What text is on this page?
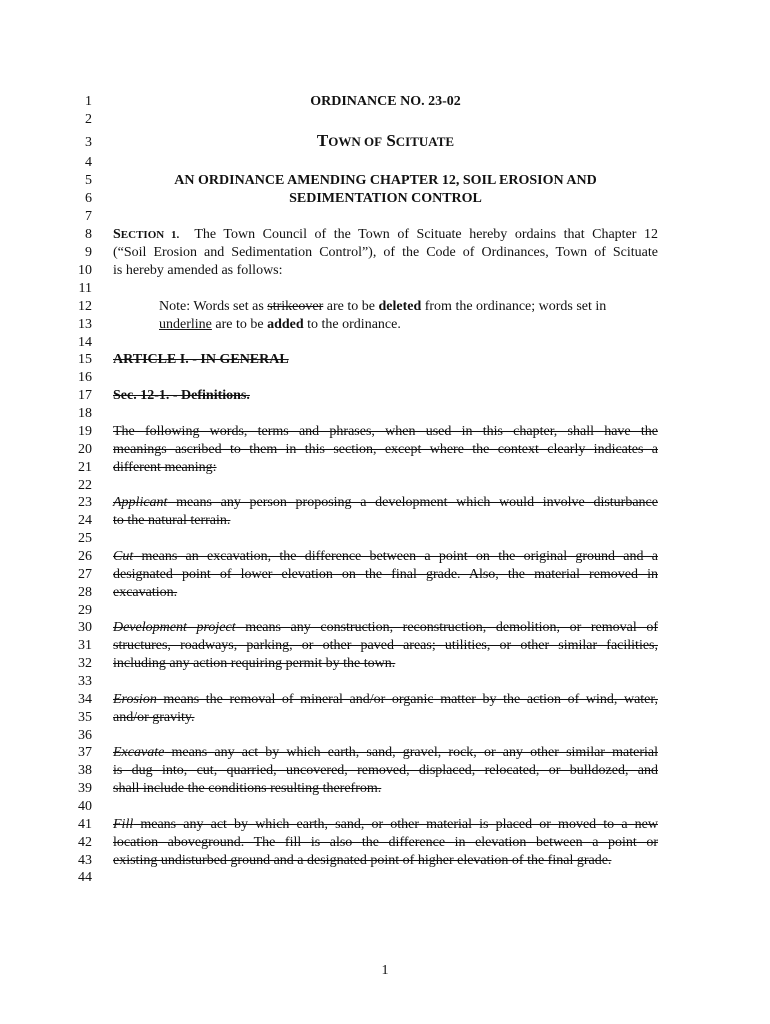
1
2
3
4
5
6
7
8
9
10
11
12
13
14
15
16
17
18
19
20
21
22
23
24
25
26
27
28
29
30
31
32
33
34
35
36
37
38
39
40
41
42
43
44
ORDINANCE NO. 23-02
TOWN OF SCITUATE
AN ORDINANCE AMENDING CHAPTER 12, SOIL EROSION AND
SEDIMENTATION CONTROL
SECTION 1. The Town Council of the Town of Scituate hereby ordains that Chapter 12
(“Soil Erosion and Sedimentation Control”), of the Code of Ordinances, Town of Scituate
is hereby amended as follows:
Note: Words set as strikeover are to be deleted from the ordinance; words set in
underline are to be added to the ordinance.
ARTICLE I. - IN GENERAL
Sec. 12-1. - Definitions.
The following words, terms and phrases, when used in this chapter, shall have the
meanings ascribed to them in this section, except where the context clearly indicates a
different meaning:
Applicant means any person proposing a development which would involve disturbance
to the natural terrain.
Cut means an excavation, the difference between a point on the original ground and a
designated point of lower elevation on the final grade. Also, the material removed in
excavation.
Development project means any construction, reconstruction, demolition, or removal of
structures, roadways, parking, or other paved areas; utilities, or other similar facilities,
including any action requiring permit by the town.
Erosion means the removal of mineral and/or organic matter by the action of wind, water,
and/or gravity.
Excavate means any act by which earth, sand, gravel, rock, or any other similar material
is dug into, cut, quarried, uncovered, removed, displaced, relocated, or bulldozed, and
shall include the conditions resulting therefrom.
Fill means any act by which earth, sand, or other material is placed or moved to a new
location aboveground. The fill is also the difference in elevation between a point or
existing undisturbed ground and a designated point of higher elevation of the final grade.
1
